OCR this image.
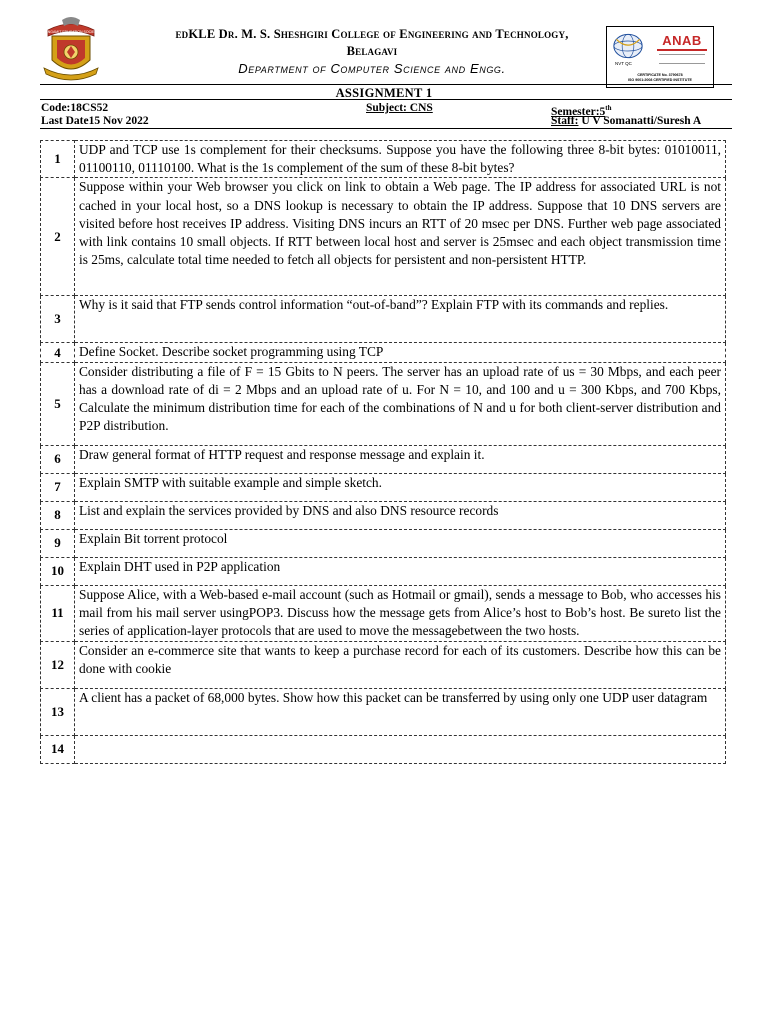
SANGAMIT EDUCATION SOCIETY	edKLE Dr. M. S. Sheshgiri College of Engineering and Technology,
Belagavi
Department of Computer Science and Engg.	NVT QC
ANAB
CERTIFICATE No. 3790678
ISO 9001:2008 CERTIFIED INSTITUTE
ASSIGNMENT 1
Code:18CS52	Subject: CNS	Semester:5th
Last Date15 Nov 2022	Staff: U V Somanatti/Suresh A
1	UDP and TCP use 1s complement for their checksums. Suppose you have the following three 8-bit bytes: 01010011, 01100110, 01110100. What is the 1s complement of the sum of these 8-bit bytes?
2	Suppose within your Web browser you click on link to obtain a Web page. The IP address for associated URL is not cached in your local host, so a DNS lookup is necessary to obtain the IP address. Suppose that 10 DNS servers are visited before host receives IP address. Visiting DNS incurs an RTT of 20 msec per DNS. Further web page associated with link contains 10 small objects. If RTT between local host and server is 25msec and each object transmission time is 25ms, calculate total time needed to fetch all objects for persistent and non-persistent HTTP.
3	Why is it said that FTP sends control information “out-of-band”? Explain FTP with its commands and replies.
4	Define Socket. Describe socket programming using TCP
5	Consider distributing a file of F = 15 Gbits to N peers. The server has an upload rate of us = 30 Mbps, and each peer has a download rate of di = 2 Mbps and an upload rate of u. For N = 10, and 100 and u = 300 Kbps, and 700 Kbps, Calculate the minimum distribution time for each of the combinations of N and u for both client-server distribution and P2P distribution.
6	Draw general format of HTTP request and response message and explain it.
7	Explain SMTP with suitable example and simple sketch.
8	List and explain the services provided by DNS and also DNS resource records
9	Explain Bit torrent protocol
10	Explain DHT used in P2P application
11	Suppose Alice, with a Web-based e-mail account (such as Hotmail or gmail), sends a message to Bob, who accesses his mail from his mail server usingPOP3. Discuss how the message gets from Alice’s host to Bob’s host. Be sureto list the series of application-layer protocols that are used to move the messagebetween the two hosts.
12	Consider an e-commerce site that wants to keep a purchase record for each of its customers. Describe how this can be done with cookie
13	A client has a packet of 68,000 bytes. Show how this packet can be transferred by using only one UDP user datagram
14	
